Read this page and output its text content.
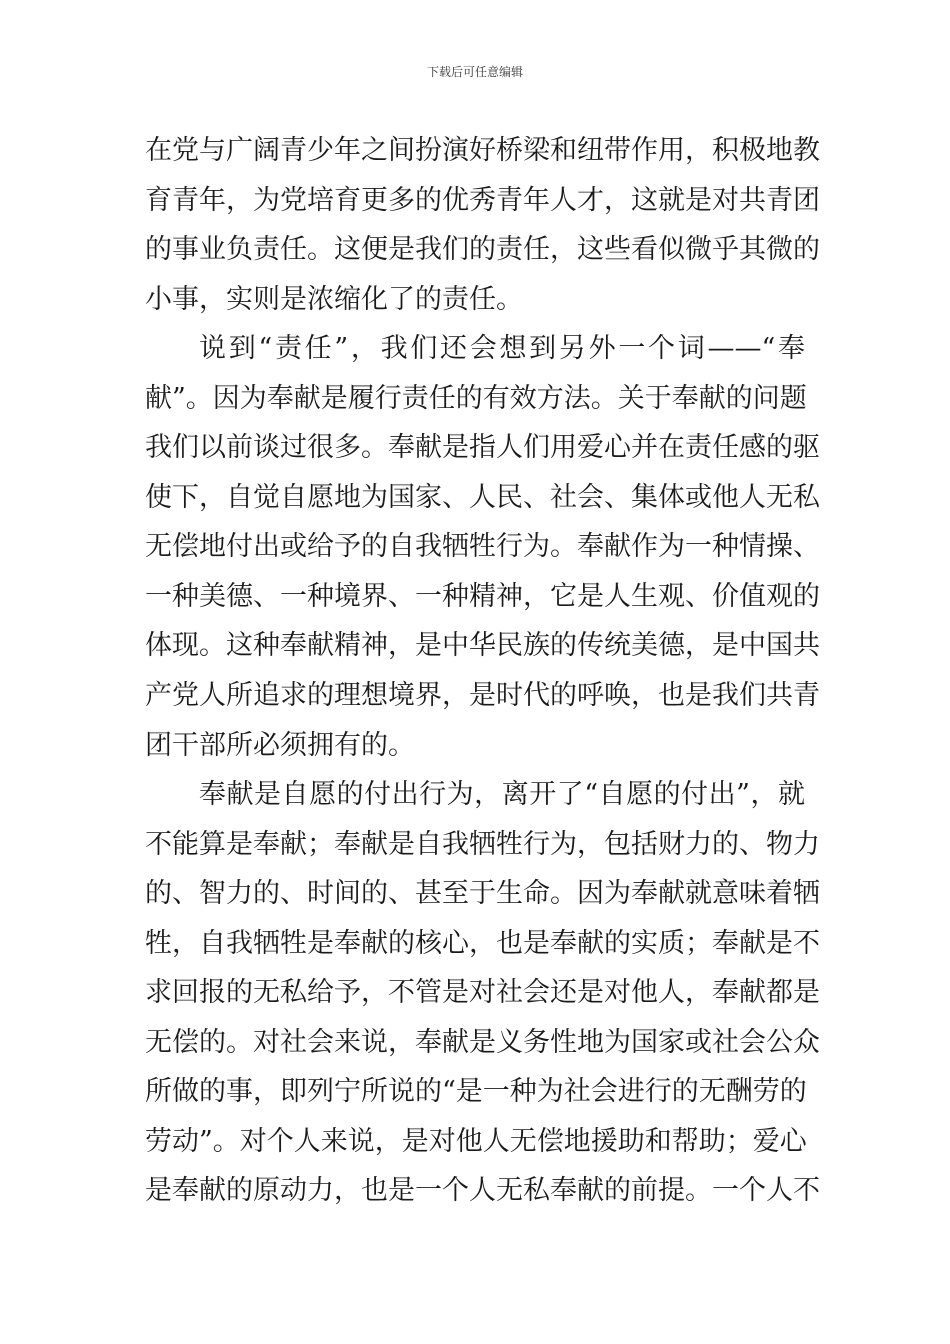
下载后可任意编辑
在党与广阔青少年之间扮演好桥梁和纽带作用，积极地教
育青年，为党培育更多的优秀青年人才，这就是对共青团
的事业负责任。这便是我们的责任，这些看似微乎其微的
小事，实则是浓缩化了的责任。
说到“责任”，我们还会想到另外一个词——“奉
献”。因为奉献是履行责任的有效方法。关于奉献的问题
我们以前谈过很多。奉献是指人们用爱心并在责任感的驱
使下，自觉自愿地为国家、人民、社会、集体或他人无私
无偿地付出或给予的自我牺牲行为。奉献作为一种情操、
一种美德、一种境界、一种精神，它是人生观、价值观的
体现。这种奉献精神，是中华民族的传统美德，是中国共
产党人所追求的理想境界，是时代的呼唤，也是我们共青
团干部所必须拥有的。
奉献是自愿的付出行为，离开了“自愿的付出”，就
不能算是奉献；奉献是自我牺牲行为，包括财力的、物力
的、智力的、时间的、甚至于生命。因为奉献就意味着牺
牲，自我牺牲是奉献的核心，也是奉献的实质；奉献是不
求回报的无私给予，不管是对社会还是对他人，奉献都是
无偿的。对社会来说，奉献是义务性地为国家或社会公众
所做的事，即列宁所说的“是一种为社会进行的无酬劳的
劳动”。对个人来说，是对他人无偿地援助和帮助；爱心
是奉献的原动力，也是一个人无私奉献的前提。一个人不
